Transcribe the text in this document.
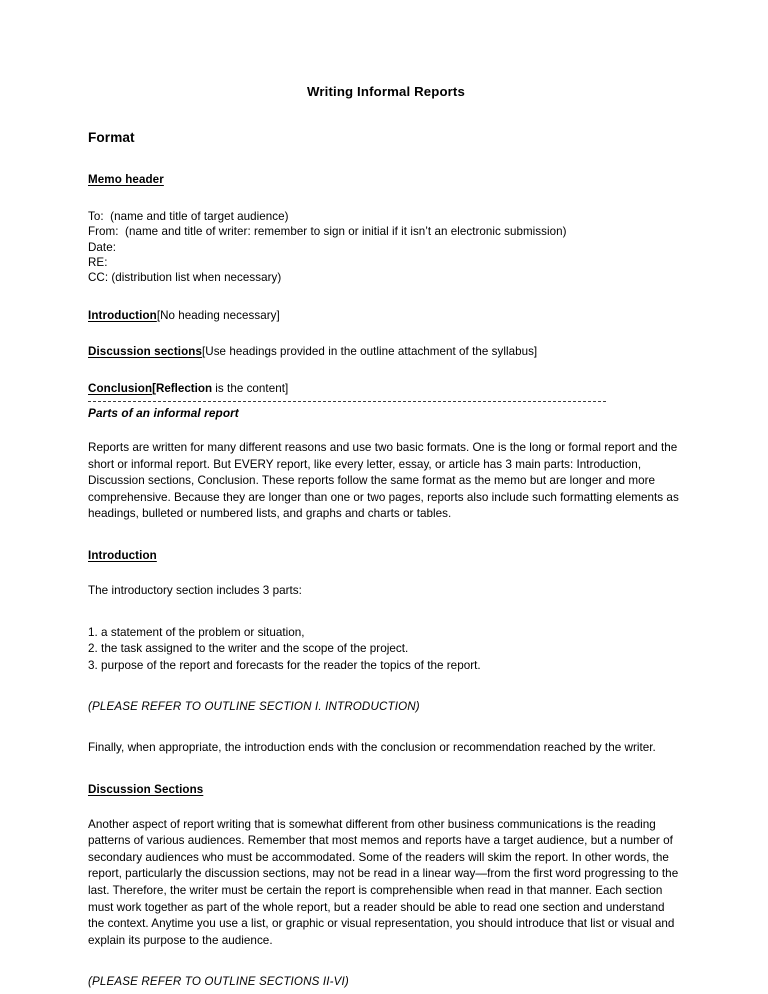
Writing Informal Reports
Format
Memo header
To:  (name and title of target audience)
From:  (name and title of writer: remember to sign or initial if it isn’t an electronic submission)
Date:
RE:
CC: (distribution list when necessary)
Introduction[No heading necessary]
Discussion sections[Use headings provided in the outline attachment of the syllabus]
Conclusion[Reflection is the content]
Parts of an informal report

Reports are written for many different reasons and use two basic formats. One is the long or formal report and the short or informal report. But EVERY report, like every letter, essay, or article has 3 main parts: Introduction, Discussion sections, Conclusion. These reports follow the same format as the memo but are longer and more comprehensive. Because they are longer than one or two pages, reports also include such formatting elements as headings, bulleted or numbered lists, and graphs and charts or tables.

Introduction

The introductory section includes 3 parts:

1. a statement of the problem or situation,
2. the task assigned to the writer and the scope of the project.
3. purpose of the report and forecasts for the reader the topics of the report.
(PLEASE REFER TO OUTLINE SECTION I. INTRODUCTION)

Finally, when appropriate, the introduction ends with the conclusion or recommendation reached by the writer.

Discussion Sections

Another aspect of report writing that is somewhat different from other business communications is the reading patterns of various audiences. Remember that most memos and reports have a target audience, but a number of secondary audiences who must be accommodated. Some of the readers will skim the report. In other words, the report, particularly the discussion sections, may not be read in a linear way—from the first word progressing to the last. Therefore, the writer must be certain the report is comprehensible when read in that manner. Each section must work together as part of the whole report, but a reader should be able to read one section and understand the context. Anytime you use a list, or graphic or visual representation, you should introduce that list or visual and explain its purpose to the audience.

(PLEASE REFER TO OUTLINE SECTIONS II-VI)
